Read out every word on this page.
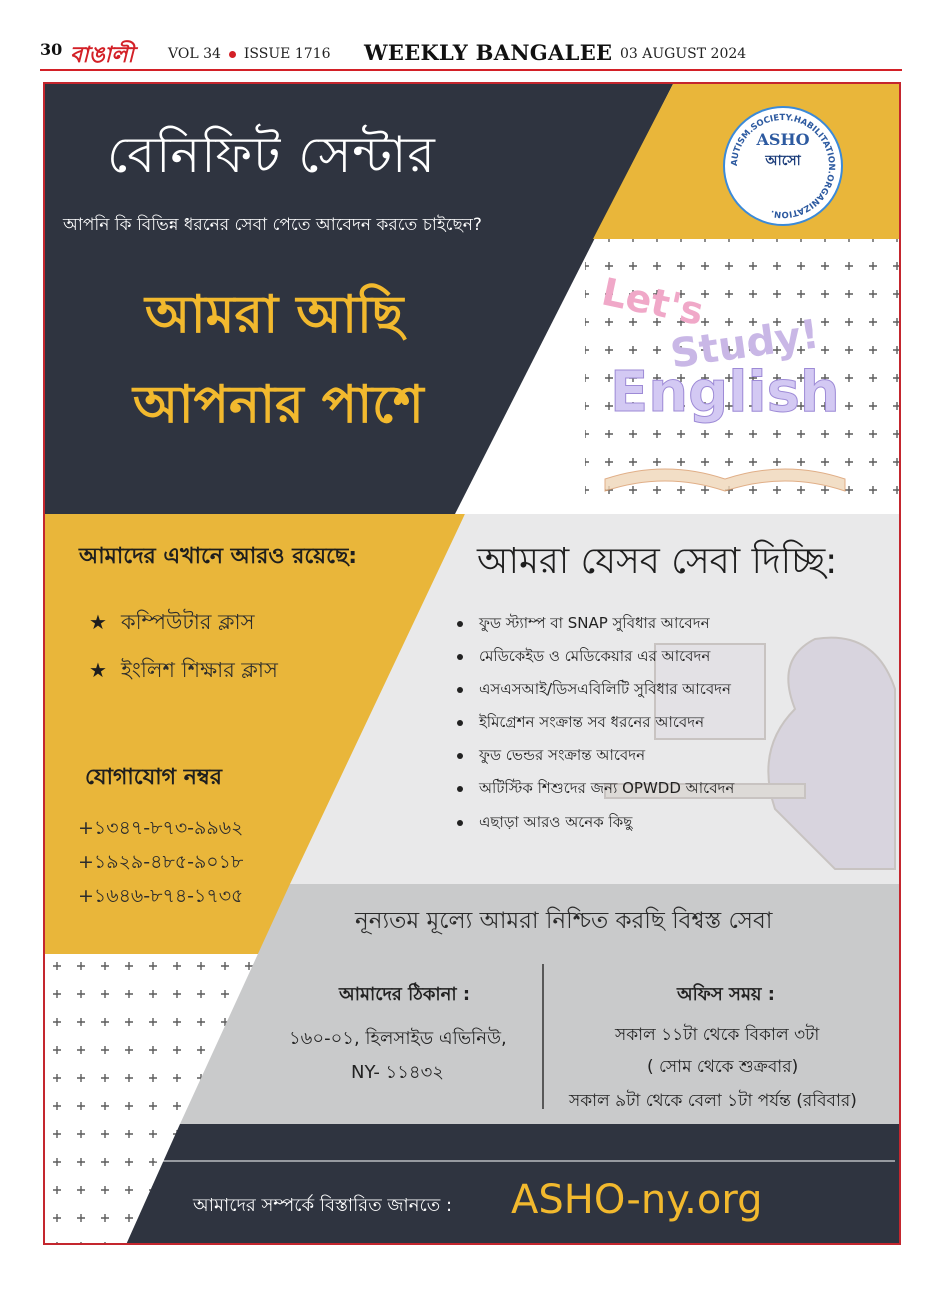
30 বাঙালী VOL 34 ISSUE 1716 WEEKLY BANGALEE 03 AUGUST 2024
বেনিফিট সেন্টার
আপনি কি বিভিন্ন ধরনের সেবা পেতে আবেদন করতে চাইছেন?
আমরা আছি
আপনার পাশে
AUTISM.SOCIETY.HABILITATION.ORGANIZATION.
ASHO
আসো
Let's
Study!
English
আমাদের এখানে আরও রয়েছে:
★ কম্পিউটার ক্লাস
★ ইংলিশ শিক্ষার ক্লাস
যোগাযোগ নম্বর
+১৩৪৭-৮৭৩-৯৯৬২
+১৯২৯-৪৮৫-৯০১৮
+১৬৪৬-৮৭৪-১৭৩৫
আমরা যেসব সেবা দিচ্ছি:
ফুড স্ট্যাম্প বা SNAP সুবিধার আবেদন
মেডিকেইড ও মেডিকেয়ার এর আবেদন
এসএসআই/ডিসএবিলিটি সুবিধার আবেদন
ইমিগ্রেশন সংক্রান্ত সব ধরনের আবেদন
ফুড ভেন্ডর সংক্রান্ত আবেদন
অটিস্টিক শিশুদের জন্য OPWDD আবেদন
এছাড়া আরও অনেক কিছু
নূন্যতম মূল্যে আমরা নিশ্চিত করছি বিশ্বস্ত সেবা
আমাদের ঠিকানা :
১৬০-০১, হিলসাইড এভিনিউ,
NY- ১১৪৩২
অফিস সময় :
সকাল ১১টা থেকে বিকাল ৩টা
( সোম থেকে শুক্রবার)
সকাল ৯টা থেকে বেলা ১টা পর্যন্ত (রবিবার)
আমাদের সম্পর্কে বিস্তারিত জানতে : ASHO-ny.org
